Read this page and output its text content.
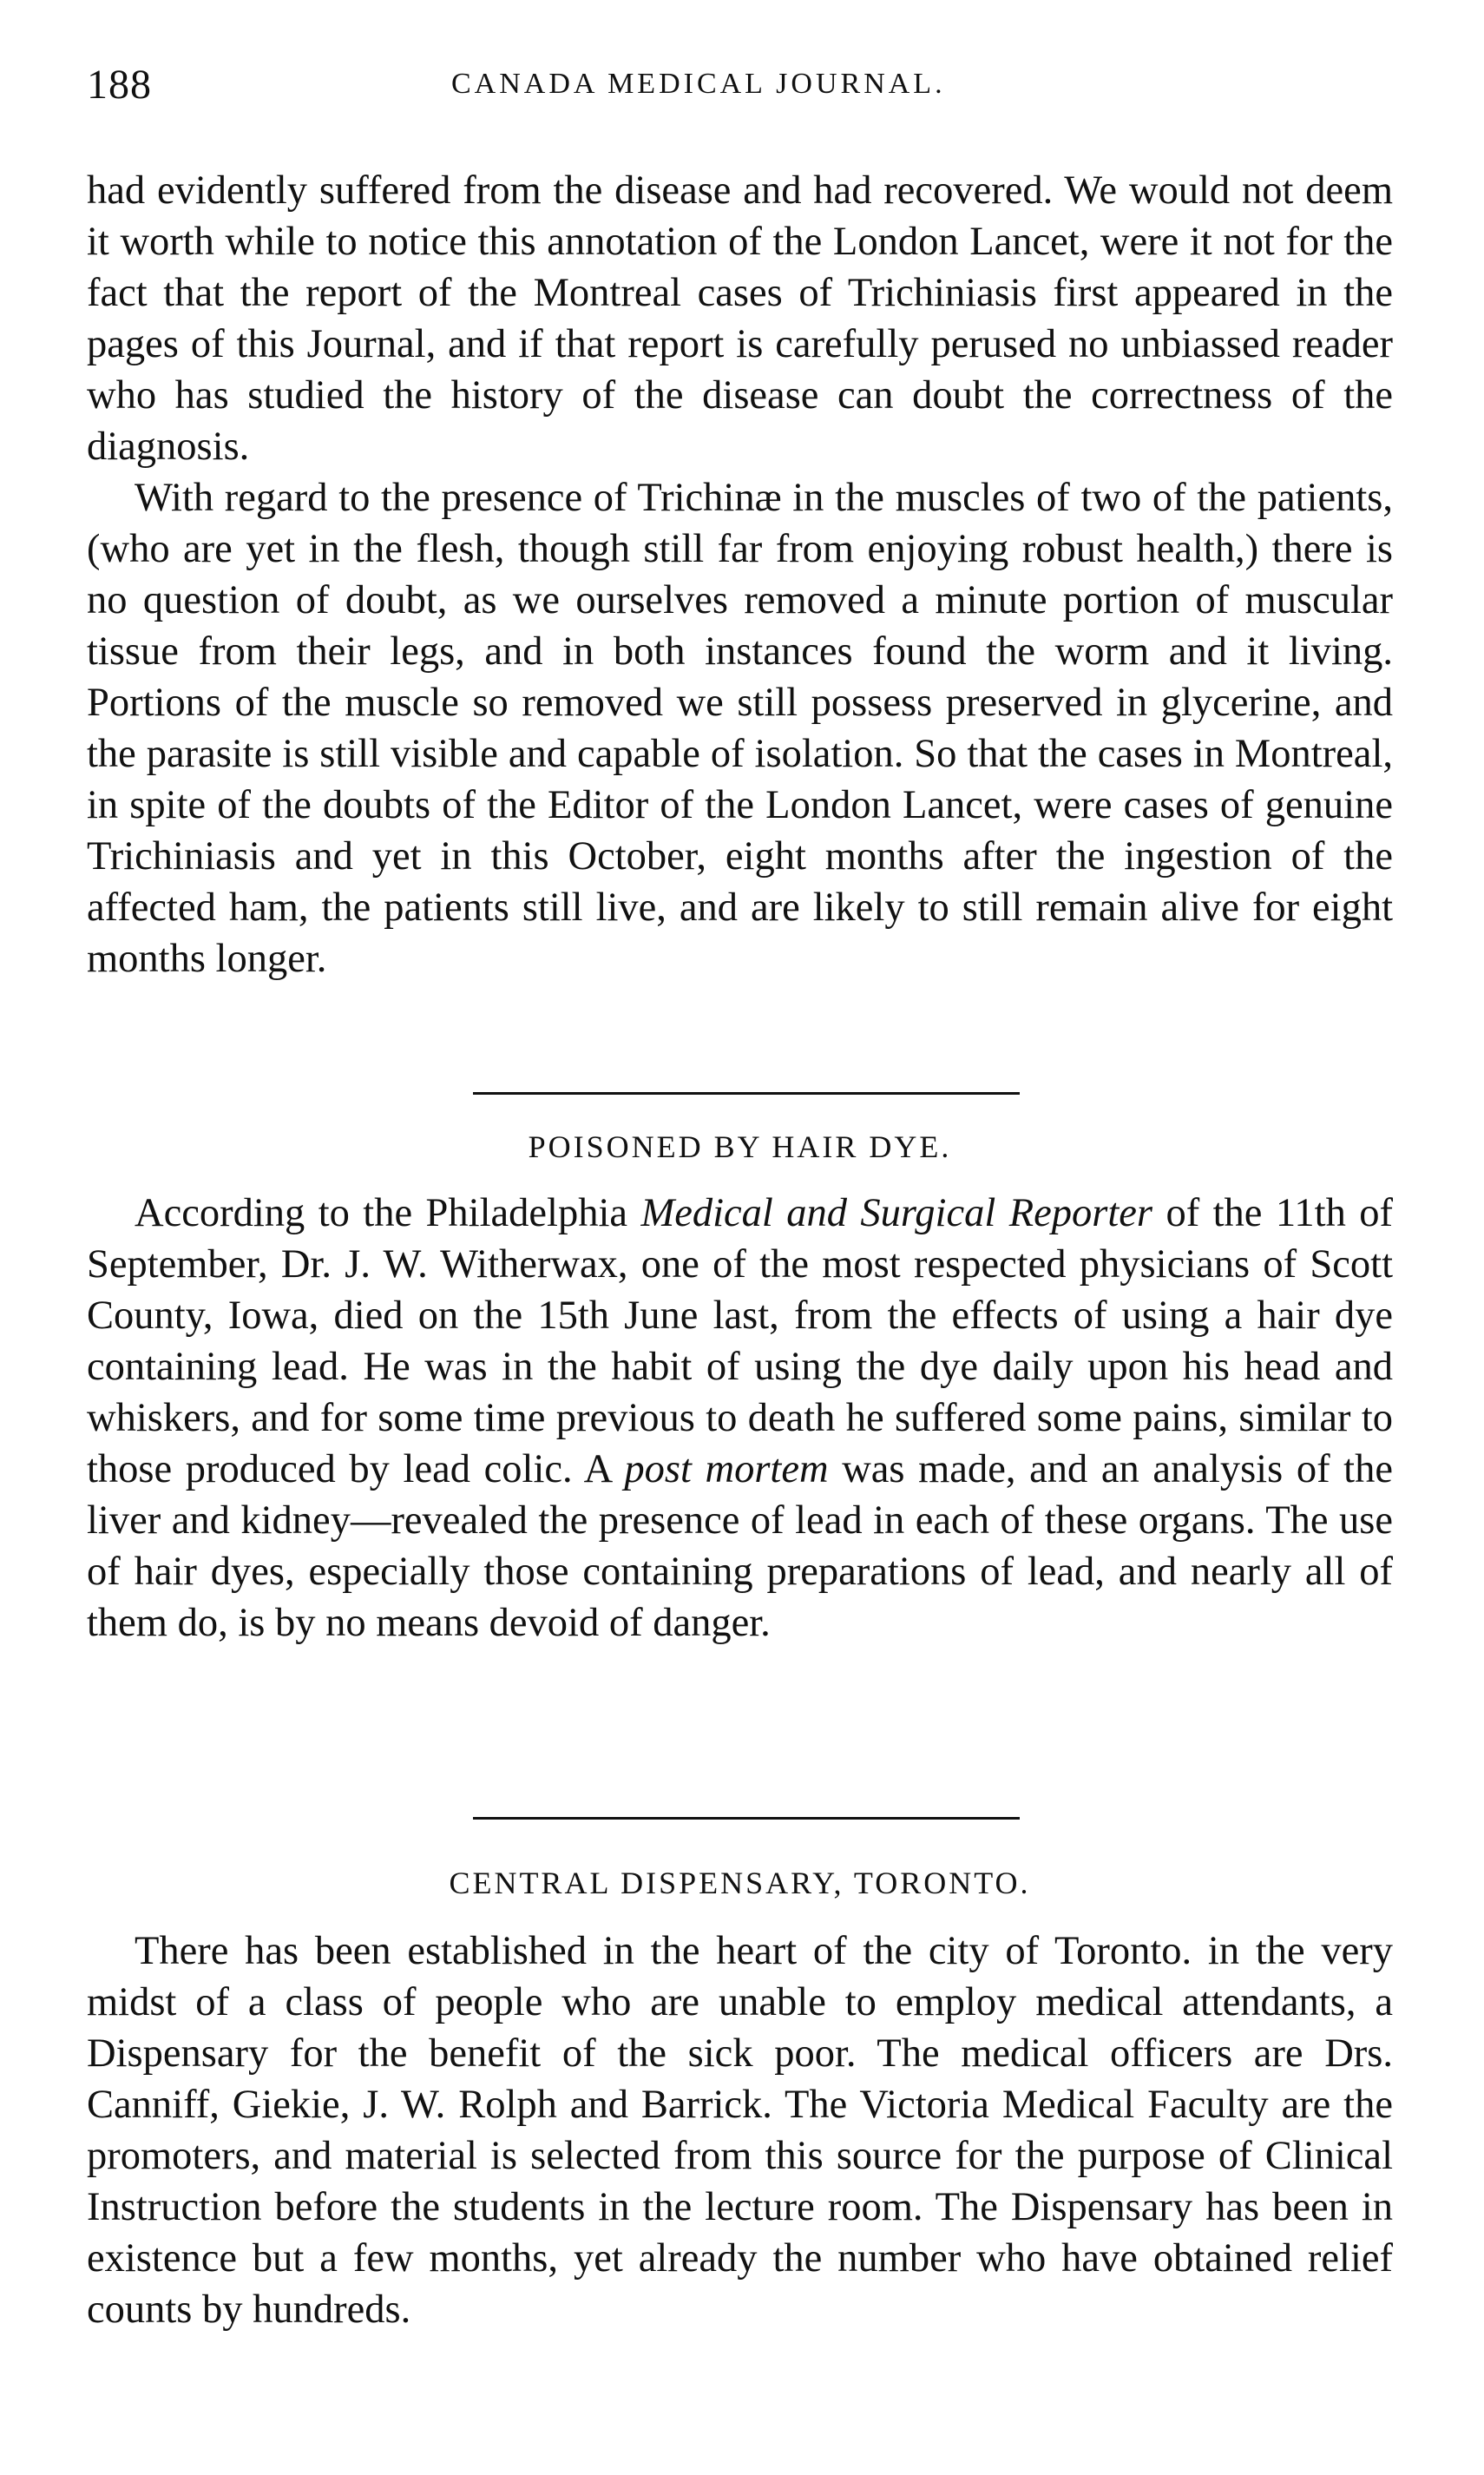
188	CANADA MEDICAL JOURNAL.

had evidently suffered from the disease and had recovered. We would not deem it worth while to notice this annotation of the London Lancet, were it not for the fact that the report of the Montreal cases of Trichiniasis first appeared in the pages of this Journal, and if that report is carefully perused no unbiassed reader who has studied the history of the disease can doubt the correctness of the diagnosis.

With regard to the presence of Trichinæ in the muscles of two of the patients, (who are yet in the flesh, though still far from enjoying robust health,) there is no question of doubt, as we ourselves removed a minute portion of muscular tissue from their legs, and in both instances found the worm and it living. Portions of the muscle so removed we still possess preserved in glycerine, and the parasite is still visible and capable of isolation. So that the cases in Montreal, in spite of the doubts of the Editor of the London Lancet, were cases of genuine Trichiniasis and yet in this October, eight months after the ingestion of the affected ham, the patients still live, and are likely to still remain alive for eight months longer.

POISONED BY HAIR DYE.

According to the Philadelphia Medical and Surgical Reporter of the 11th of September, Dr. J. W. Witherwax, one of the most respected physicians of Scott County, Iowa, died on the 15th June last, from the effects of using a hair dye containing lead. He was in the habit of using the dye daily upon his head and whiskers, and for some time previous to death he suffered some pains, similar to those produced by lead colic. A post mortem was made, and an analysis of the liver and kidney—revealed the presence of lead in each of these organs. The use of hair dyes, especially those containing preparations of lead, and nearly all of them do, is by no means devoid of danger.

CENTRAL DISPENSARY, TORONTO.

There has been established in the heart of the city of Toronto. in the very midst of a class of people who are unable to employ medical attendants, a Dispensary for the benefit of the sick poor. The medical officers are Drs. Canniff, Giekie, J. W. Rolph and Barrick. The Victoria Medical Faculty are the promoters, and material is selected from this source for the purpose of Clinical Instruction before the students in the lecture room. The Dispensary has been in existence but a few months, yet already the number who have obtained relief counts by hundreds.
